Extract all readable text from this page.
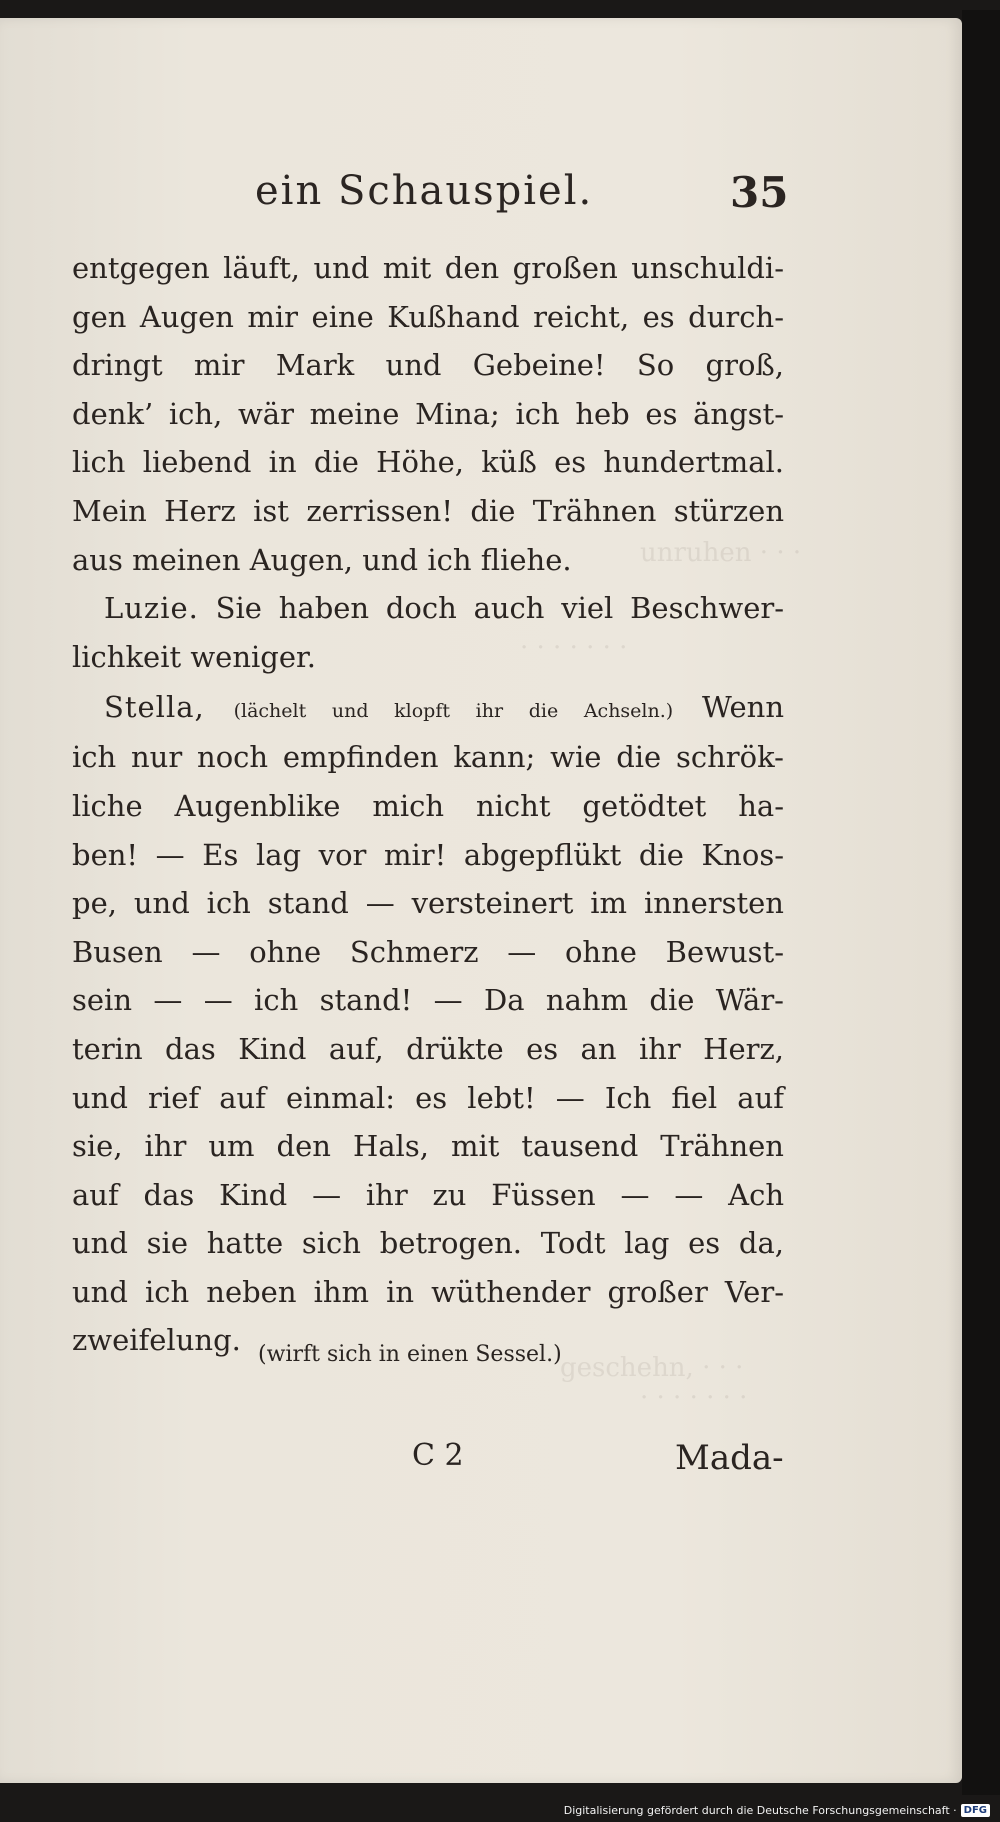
unruhen · · ·
· · · · · · ·
geschehn, · · ·
· · · · · · ·
ein Schauspiel.	35
entgegen läuft, und mit den großen unschuldi-
gen Augen mir eine Kußhand reicht, es durch-
dringt mir Mark und Gebeine! So groß,
denk’ ich, wär meine Mina; ich heb es ängst-
lich liebend in die Höhe, küß es hundertmal.
Mein Herz ist zerrissen! die Trähnen stürzen
aus meinen Augen, und ich fliehe.
Luzie. Sie haben doch auch viel Beschwer-
lichkeit weniger.
Stella, (lächelt und klopft ihr die Achseln.) Wenn
ich nur noch empfinden kann; wie die schrök-
liche Augenblike mich nicht getödtet ha-
ben! — Es lag vor mir! abgepflükt die Knos-
pe, und ich stand — versteinert im innersten
Busen — ohne Schmerz — ohne Bewust-
sein — — ich stand! — Da nahm die Wär-
terin das Kind auf, drükte es an ihr Herz,
und rief auf einmal: es lebt! — Ich fiel auf
sie, ihr um den Hals, mit tausend Trähnen
auf das Kind — ihr zu Füssen — — Ach
und sie hatte sich betrogen. Todt lag es da,
und ich neben ihm in wüthender großer Ver-
zweifelung. (wirft sich in einen Sessel.)
C 2	Mada-
Digitalisierung gefördert durch die Deutsche Forschungsgemeinschaft · DFG
